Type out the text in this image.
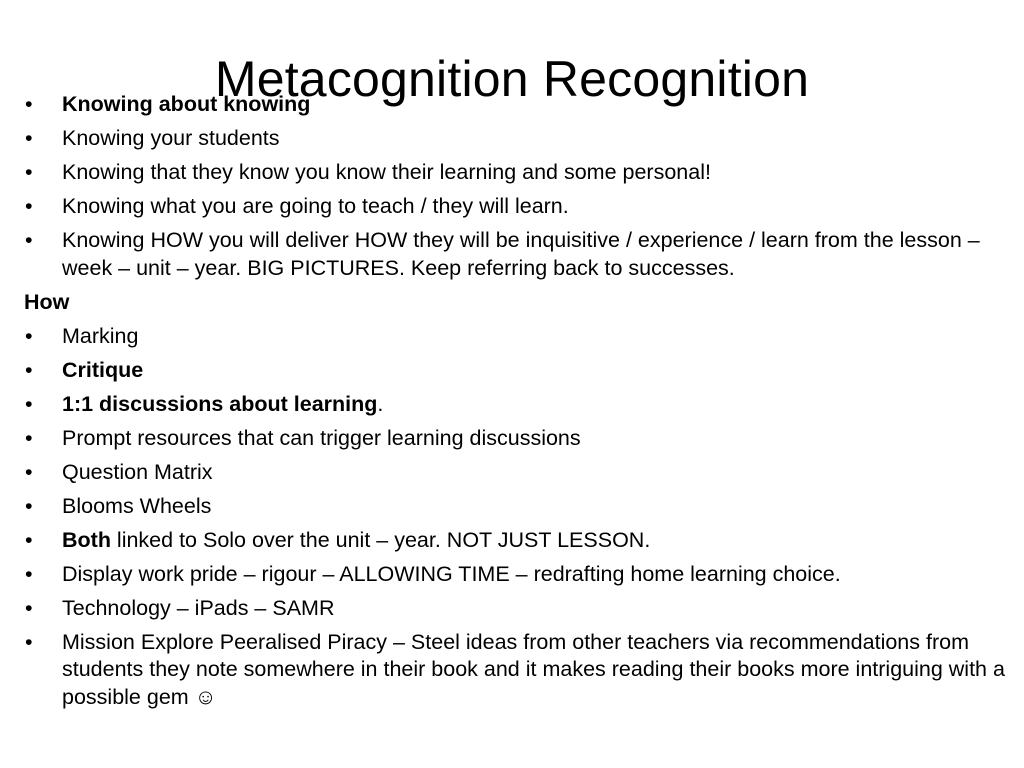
Metacognition Recognition
•	Knowing about knowing
•	Knowing your students
•	Knowing that they know you know their learning and some personal!
•	Knowing what you are going to teach / they will learn.
•	Knowing HOW you will deliver HOW they will be inquisitive / experience / learn from the lesson – week – unit – year. BIG PICTURES. Keep referring back to successes.
How
•	Marking
•	Critique
•	1:1 discussions about learning.
•	Prompt resources that can trigger learning discussions
•	Question Matrix
•	Blooms Wheels
•	Both linked to Solo over the unit – year. NOT JUST LESSON.
•	Display work pride – rigour – ALLOWING TIME – redrafting home learning choice.
•	Technology – iPads – SAMR
•	Mission Explore Peeralised Piracy – Steel ideas from other teachers via recommendations from students they note somewhere in their book and it makes reading their books more intriguing with a possible gem ☺
